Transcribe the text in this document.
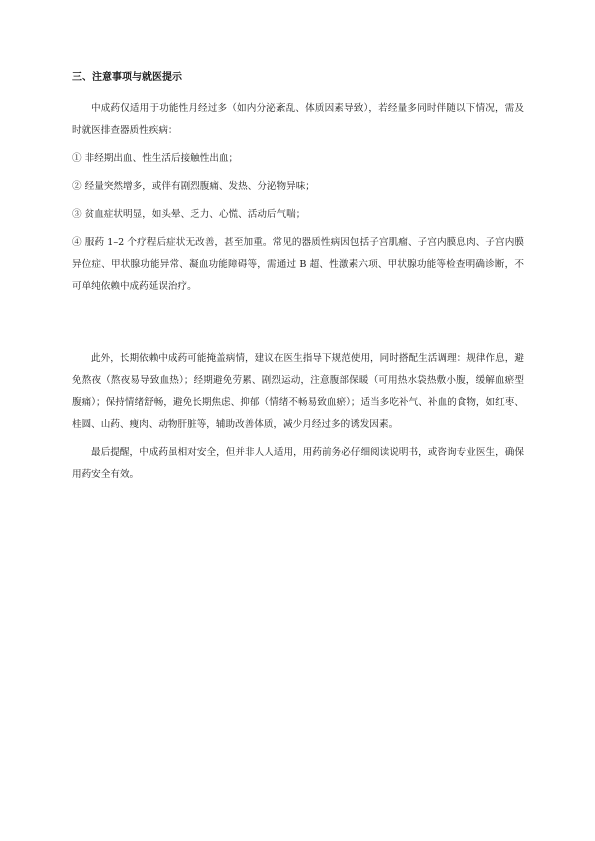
三、注意事项与就医提示

中成药仅适用于功能性月经过多（如内分泌紊乱、体质因素导致），若经量多同时伴随以下情况，需及时就医排查器质性疾病：

① 非经期出血、性生活后接触性出血；

② 经量突然增多，或伴有剧烈腹痛、发热、分泌物异味；

③ 贫血症状明显，如头晕、乏力、心慌、活动后气喘；

④ 服药 1–2 个疗程后症状无改善，甚至加重。常见的器质性病因包括子宫肌瘤、子宫内膜息肉、子宫内膜异位症、甲状腺功能异常、凝血功能障碍等，需通过 B 超、性激素六项、甲状腺功能等检查明确诊断，不可单纯依赖中成药延误治疗。

此外，长期依赖中成药可能掩盖病情，建议在医生指导下规范使用，同时搭配生活调理：规律作息，避免熬夜（熬夜易导致血热）；经期避免劳累、剧烈运动，注意腹部保暖（可用热水袋热敷小腹，缓解血瘀型腹痛）；保持情绪舒畅，避免长期焦虑、抑郁（情绪不畅易致血瘀）；适当多吃补气、补血的食物，如红枣、桂圆、山药、瘦肉、动物肝脏等，辅助改善体质，减少月经过多的诱发因素。

最后提醒，中成药虽相对安全，但并非人人适用，用药前务必仔细阅读说明书，或咨询专业医生，确保用药安全有效。
